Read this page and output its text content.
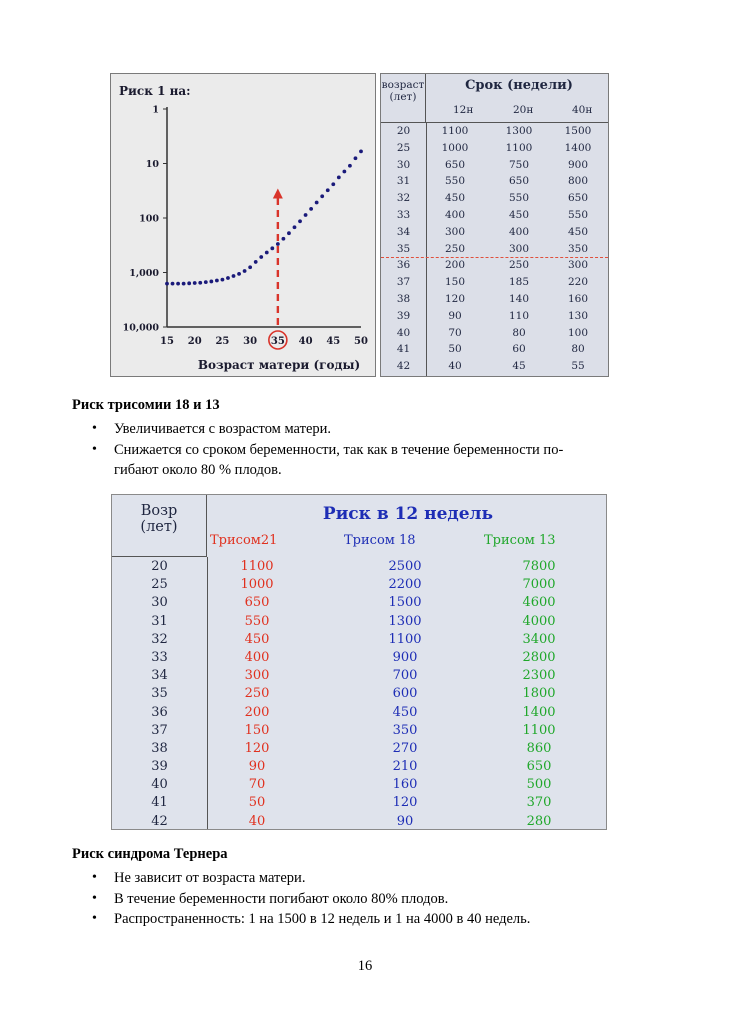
Риск 1 на:
1
10
100
1,000
10,000
15 20 25 30 35 40 45 50
Возраст матери (годы)
возраст
(лет)
Срок (недели)
12н	20н	40н
20	1100	1300	1500
25	1000	1100	1400
30	650	750	900
31	550	650	800
32	450	550	650
33	400	450	550
34	300	400	450
35	250	300	350
36	200	250	300
37	150	185	220
38	120	140	160
39	90	110	130
40	70	80	100
41	50	60	80
42	40	45	55
Риск трисомии 18 и 13
• Увеличивается с возрастом матери.
• Снижается со сроком беременности, так как в течение беременности по-
гибают около 80 % плодов.
Возр
(лет)
Риск в 12 недель
Трисом21	Трисом 18	Трисом 13
20	1100	2500	7800
25	1000	2200	7000
30	650	1500	4600
31	550	1300	4000
32	450	1100	3400
33	400	900	2800
34	300	700	2300
35	250	600	1800
36	200	450	1400
37	150	350	1100
38	120	270	860
39	90	210	650
40	70	160	500
41	50	120	370
42	40	90	280
Риск синдрома Тернера
• Не зависит от возраста матери.
• В течение беременности погибают около 80% плодов.
• Распространенность: 1 на 1500 в 12 недель и 1 на 4000 в 40 недель.
16
